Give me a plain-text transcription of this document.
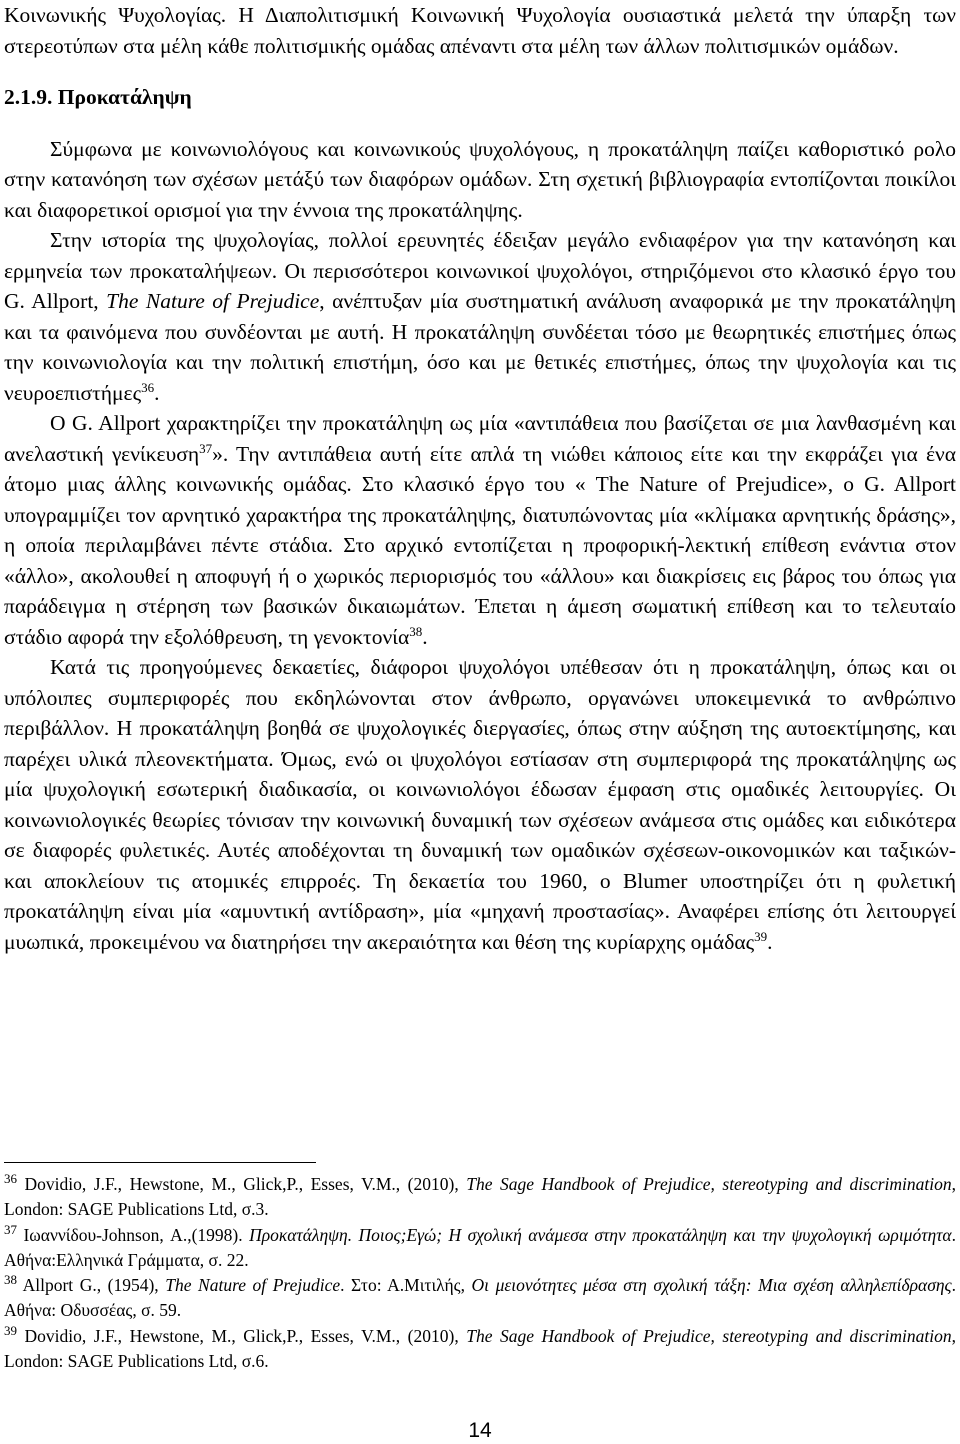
Κοινωνικής Ψυχολογίας. Η Διαπολιτισμική Κοινωνική Ψυχολογία ουσιαστικά μελετά την ύπαρξη των στερεοτύπων στα μέλη κάθε πολιτισμικής ομάδας απέναντι στα μέλη των άλλων πολιτισμικών ομάδων.

2.1.9. Προκατάληψη

Σύμφωνα με κοινωνιολόγους και κοινωνικούς ψυχολόγους, η προκατάληψη παίζει καθοριστικό ρολο στην κατανόηση των σχέσων μετάξύ των διαφόρων ομάδων. Στη σχετική βιβλιογραφία εντοπίζονται ποικίλοι και διαφορετικοί ορισμοί για την έννοια της προκατάληψης.

Στην ιστορία της ψυχολογίας, πολλοί ερευνητές έδειξαν μεγάλο ενδιαφέρον για την κατανόηση και ερμηνεία των προκαταλήψεων. Οι περισσότεροι κοινωνικοί ψυχολόγοι, στηριζόμενοι στο κλασικό έργο του G. Allport, The Nature of Prejudice, ανέπτυξαν μία συστηματική ανάλυση αναφορικά με την προκατάληψη και τα φαινόμενα που συνδέονται με αυτή. Η προκατάληψη συνδέεται τόσο με θεωρητικές επιστήμες όπως την κοινωνιολογία και την πολιτική επιστήμη, όσο και με θετικές επιστήμες, όπως την ψυχολογία και τις νευροεπιστήμες$^{36}$.

Ο G. Allport χαρακτηρίζει την προκατάληψη ως μία «αντιπάθεια που βασίζεται σε μια λανθασμένη και ανελαστική γενίκευση$^{37}$». Την αντιπάθεια αυτή είτε απλά τη νιώθει κάποιος είτε και την εκφράζει για ένα άτομο μιας άλλης κοινωνικής ομάδας. Στο κλασικό έργο του « The Nature of Prejudice», ο G. Allport υπογραμμίζει τον αρνητικό χαρακτήρα της προκατάληψης, διατυπώνοντας μία «κλίμακα αρνητικής δράσης», η οποία περιλαμβάνει πέντε στάδια. Στο αρχικό εντοπίζεται η προφορική-λεκτική επίθεση ενάντια στον «άλλο», ακολουθεί η αποφυγή ή ο χωρικός περιορισμός του «άλλου» και διακρίσεις εις βάρος του όπως για παράδειγμα η στέρηση των βασικών δικαιωμάτων. Έπεται η άμεση σωματική επίθεση και το τελευταίο στάδιο αφορά την εξολόθρευση, τη γενοκτονία$^{38}$.

Κατά τις προηγούμενες δεκαετίες, διάφοροι ψυχολόγοι υπέθεσαν ότι η προκατάληψη, όπως και οι υπόλοιπες συμπεριφορές που εκδηλώνονται στον άνθρωπο, οργανώνει υποκειμενικά το ανθρώπινο περιβάλλον. Η προκατάληψη βοηθά σε ψυχολογικές διεργασίες, όπως στην αύξηση της αυτοεκτίμησης, και παρέχει υλικά πλεονεκτήματα. Όμως, ενώ οι ψυχολόγοι εστίασαν στη συμπεριφορά της προκατάληψης ως μία ψυχολογική εσωτερική διαδικασία, οι κοινωνιολόγοι έδωσαν έμφαση στις ομαδικές λειτουργίες. Οι κοινωνιολογικές θεωρίες τόνισαν την κοινωνική δυναμική των σχέσεων ανάμεσα στις ομάδες και ειδικότερα σε διαφορές φυλετικές. Αυτές αποδέχονται τη δυναμική των ομαδικών σχέσεων-οικονομικών και ταξικών- και αποκλείουν τις ατομικές επιρροές. Τη δεκαετία του 1960, ο Blumer υποστηρίζει ότι η φυλετική προκατάληψη είναι μία «αμυντική αντίδραση», μία «μηχανή προστασίας». Αναφέρει επίσης ότι λειτουργεί μυωπικά, προκειμένου να διατηρήσει την ακεραιότητα και θέση της κυρίαρχης ομάδας$^{39}$.

$^{36}$ Dovidio, J.F., Hewstone, M., Glick,P., Esses, V.M., (2010), The Sage Handbook of Prejudice, stereotyping and discrimination, London: SAGE Publications Ltd, σ.3.

$^{37}$ Ιωαννίδου-Johnson, Α.,(1998). Προκατάληψη. Ποιος;Εγώ; Η σχολική ανάμεσα στην προκατάληψη και την ψυχολογική ωριμότητα. Αθήνα:Ελληνικά Γράμματα, σ. 22.

$^{38}$ Allport G., (1954), The Nature of Prejudice. Στο: Α.Μιτιλής, Οι μειονότητες μέσα στη σχολική τάξη: Μια σχέση αλληλεπίδρασης. Αθήνα: Οδυσσέας, σ. 59.

$^{39}$ Dovidio, J.F., Hewstone, M., Glick,P., Esses, V.M., (2010), The Sage Handbook of Prejudice, stereotyping and discrimination, London: SAGE Publications Ltd, σ.6.

14
